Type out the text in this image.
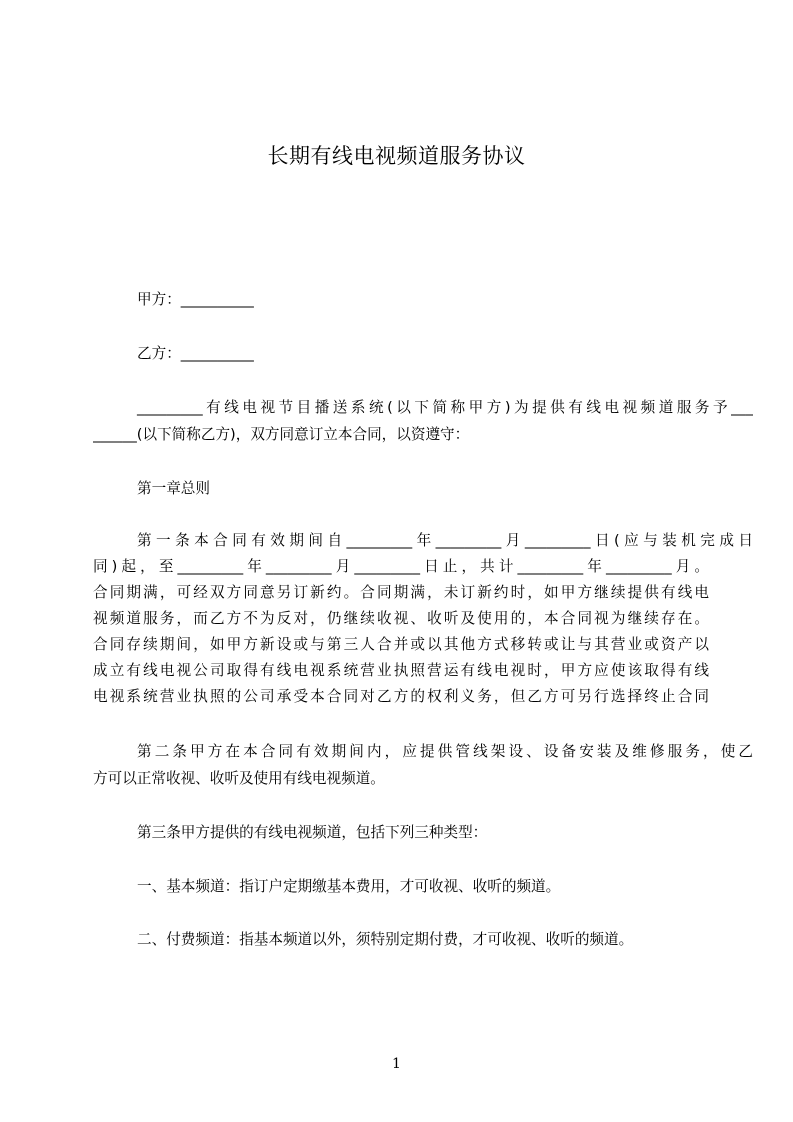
长期有线电视频道服务协议
甲方：__________
乙方：__________
_________有线电视节目播送系统(以下简称甲方)为提供有线电视频道服务予___
______(以下简称乙方)，双方同意订立本合同，以资遵守：
第一章总则
第一条本合同有效期间自_________年_________月_________日(应与装机完成日
同)起，至_________年_________月_________日止，共计_________年_________月。
合同期满，可经双方同意另订新约。合同期满，未订新约时，如甲方继续提供有线电
视频道服务，而乙方不为反对，仍继续收视、收听及使用的，本合同视为继续存在。
合同存续期间，如甲方新设或与第三人合并或以其他方式移转或让与其营业或资产以
成立有线电视公司取得有线电视系统营业执照营运有线电视时，甲方应使该取得有线
电视系统营业执照的公司承受本合同对乙方的权利义务，但乙方可另行选择终止合同
第二条甲方在本合同有效期间内，应提供管线架设、设备安装及维修服务，使乙
方可以正常收视、收听及使用有线电视频道。
第三条甲方提供的有线电视频道，包括下列三种类型：
一、基本频道：指订户定期缴基本费用，才可收视、收听的频道。
二、付费频道：指基本频道以外，须特别定期付费，才可收视、收听的频道。
1
